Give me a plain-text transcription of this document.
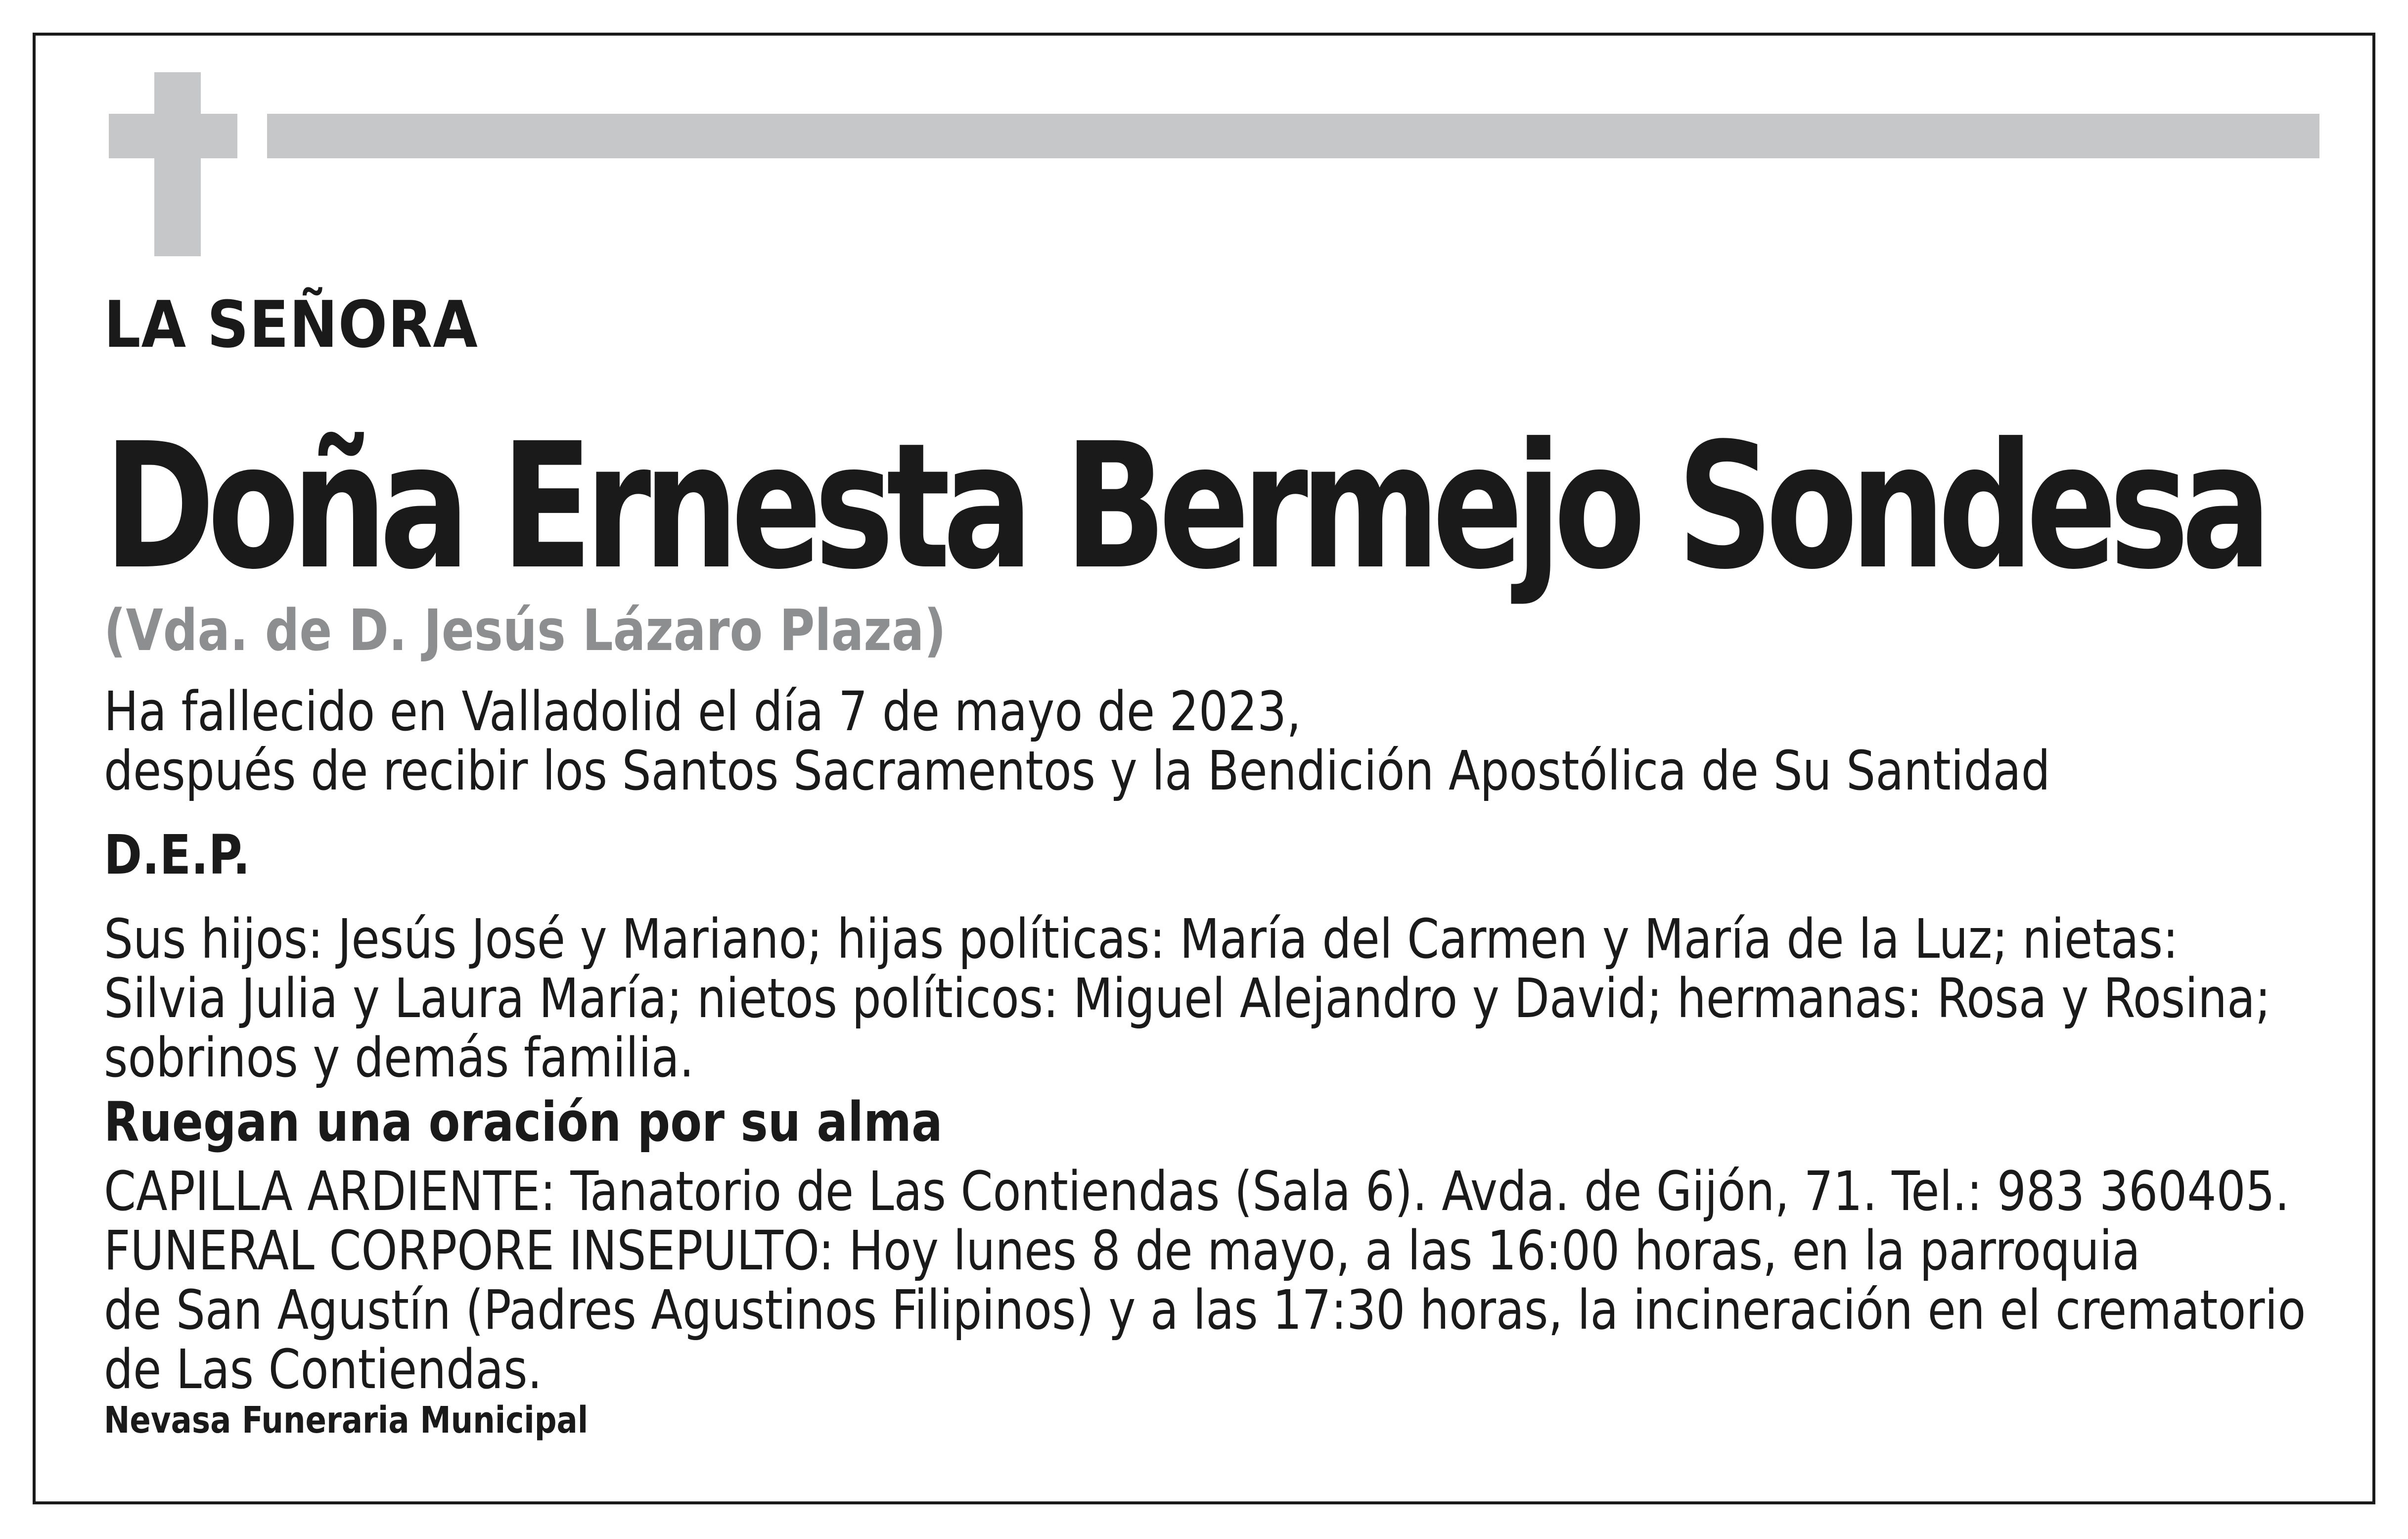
LA SEÑORA
Doña Ernesta Bermejo Sondesa
(Vda. de D. Jesús Lázaro Plaza)
Ha fallecido en Valladolid el día 7 de mayo de 2023,
después de recibir los Santos Sacramentos y la Bendición Apostólica de Su Santidad
D.E.P.
Sus hijos: Jesús José y Mariano; hijas políticas: María del Carmen y María de la Luz; nietas:
Silvia Julia y Laura María; nietos políticos: Miguel Alejandro y David; hermanas: Rosa y Rosina;
sobrinos y demás familia.
Ruegan una oración por su alma
CAPILLA ARDIENTE: Tanatorio de Las Contiendas (Sala 6). Avda. de Gijón, 71. Tel.: 983 360405.
FUNERAL CORPORE INSEPULTO: Hoy lunes 8 de mayo, a las 16:00 horas, en la parroquia
de San Agustín (Padres Agustinos Filipinos) y a las 17:30 horas, la incineración en el crematorio
de Las Contiendas.
Nevasa Funeraria Municipal
